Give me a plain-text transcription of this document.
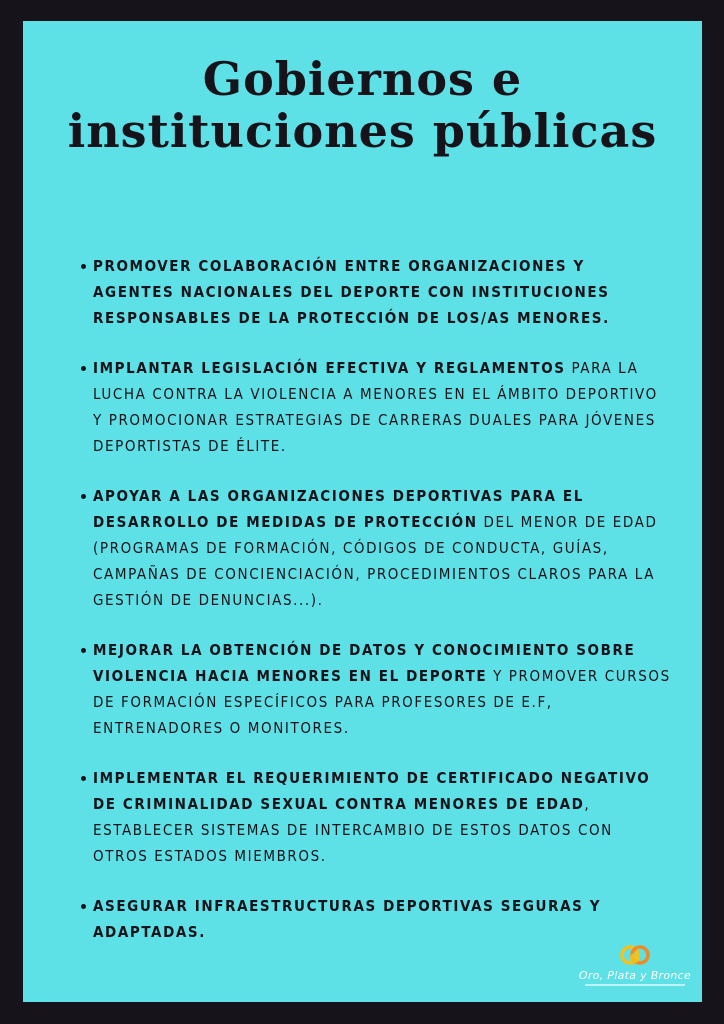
Gobiernos e instituciones públicas
PROMOVER COLABORACIÓN ENTRE ORGANIZACIONES Y AGENTES NACIONALES DEL DEPORTE CON INSTITUCIONES RESPONSABLES DE LA PROTECCIÓN DE LOS/AS MENORES.
IMPLANTAR LEGISLACIÓN EFECTIVA Y REGLAMENTOS PARA LA LUCHA CONTRA LA VIOLENCIA A MENORES EN EL ÁMBITO DEPORTIVO Y PROMOCIONAR ESTRATEGIAS DE CARRERAS DUALES PARA JÓVENES DEPORTISTAS DE ÉLITE.
APOYAR A LAS ORGANIZACIONES DEPORTIVAS PARA EL DESARROLLO DE MEDIDAS DE PROTECCIÓN DEL MENOR DE EDAD (PROGRAMAS DE FORMACIÓN, CÓDIGOS DE CONDUCTA, GUÍAS, CAMPAÑAS DE CONCIENCIACIÓN, PROCEDIMIENTOS CLAROS PARA LA GESTIÓN DE DENUNCIAS...).
MEJORAR LA OBTENCIÓN DE DATOS Y CONOCIMIENTO SOBRE VIOLENCIA HACIA MENORES EN EL DEPORTE Y PROMOVER CURSOS DE FORMACIÓN ESPECÍFICOS PARA PROFESORES DE E.F, ENTRENADORES O MONITORES.
IMPLEMENTAR EL REQUERIMIENTO DE CERTIFICADO NEGATIVO DE CRIMINALIDAD SEXUAL CONTRA MENORES DE EDAD, ESTABLECER SISTEMAS DE INTERCAMBIO DE ESTOS DATOS CON OTROS ESTADOS MIEMBROS.
ASEGURAR INFRAESTRUCTURAS DEPORTIVAS SEGURAS Y ADAPTADAS.
Oro, Plata y Bronce
